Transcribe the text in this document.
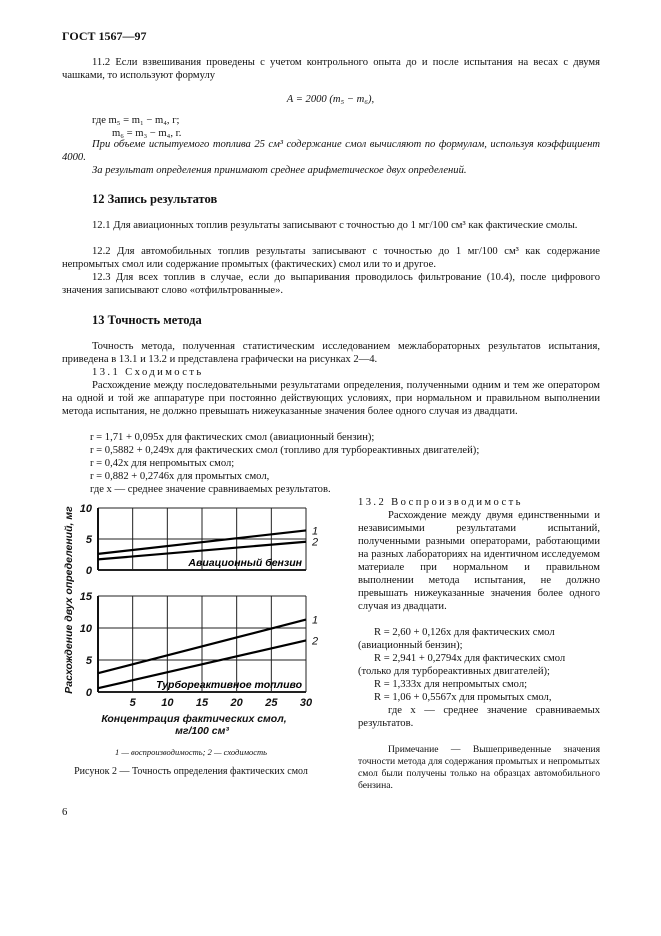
ГОСТ 1567—97
11.2 Если взвешивания проведены с учетом контрольного опыта до и после испытания на весах с двумя чашками, то используют формулу
A = 2000 (m₅ − m₆),
где m₅ = m₁ − m₄, г;
m₆ = m₃ − m₄, г.
При объеме испытуемого топлива 25 см³ содержание смол вычисляют по формулам, используя коэффициент 4000.
За результат определения принимают среднее арифметическое двух определений.
12 Запись результатов
12.1 Для авиационных топлив результаты записывают с точностью до 1 мг/100 см³ как фактические смолы.
12.2 Для автомобильных топлив результаты записывают с точностью до 1 мг/100 см³ как содержание непромытых смол или содержание промытых (фактических) смол или то и другое.
12.3 Для всех топлив в случае, если до выпаривания проводилось фильтрование (10.4), после цифрового значения записывают слово «отфильтрованные».
13 Точность метода
Точность метода, полученная статистическим исследованием межлабораторных результатов испытания, приведена в 13.1 и 13.2 и представлена графически на рисунках 2—4.
13.1 Сходимость
Расхождение между последовательными результатами определения, полученными одним и тем же оператором на одной и той же аппаратуре при постоянно действующих условиях, при нормальном и правильном выполнении метода испытания, не должно превышать нижеуказанные значения более одного случая из двадцати.
r = 1,71 + 0,095x для фактических смол (авиационный бензин);
r = 0,5882 + 0,249x для фактических смол (топливо для турбореактивных двигателей);
r = 0,42x для непромытых смол;
r = 0,882 + 0,2746x для промытых смол,
где x — среднее значение сравниваемых результатов.
13.2 Воспроизводимость
Расхождение между двумя единственными и независимыми результатами испытаний, полученными разными операторами, работающими на разных лабораториях на идентичном исследуемом материале при нормальном и правильном выполнении метода испытания, не должно превышать нижеуказанные значения более одного случая из двадцати.
R = 2,60 + 0,126x для фактических смол
(авиационный бензин);
R = 2,941 + 0,2794x для фактических смол
(только для турбореактивных двигателей);
R = 1,333x для непромытых смол;
R = 1,06 + 0,5567x для промытых смол,
где x — среднее значение сравниваемых результатов.
Примечание — Вышеприведенные значения точности метода для содержания промытых и непромытых смол были получены только на образцах автомобильного бензина.
0
5
10
1
2
Авиационный бензин
0
5
10
15
1
2
Турбореактивное топливо
5 10 15 20 25 30
Расхождение двух определений, мг
Концентрация фактических смол,
мг/100 см³
1 — воспроизводимость; 2 — сходимость
Рисунок 2 — Точность определения фактических смол
6
